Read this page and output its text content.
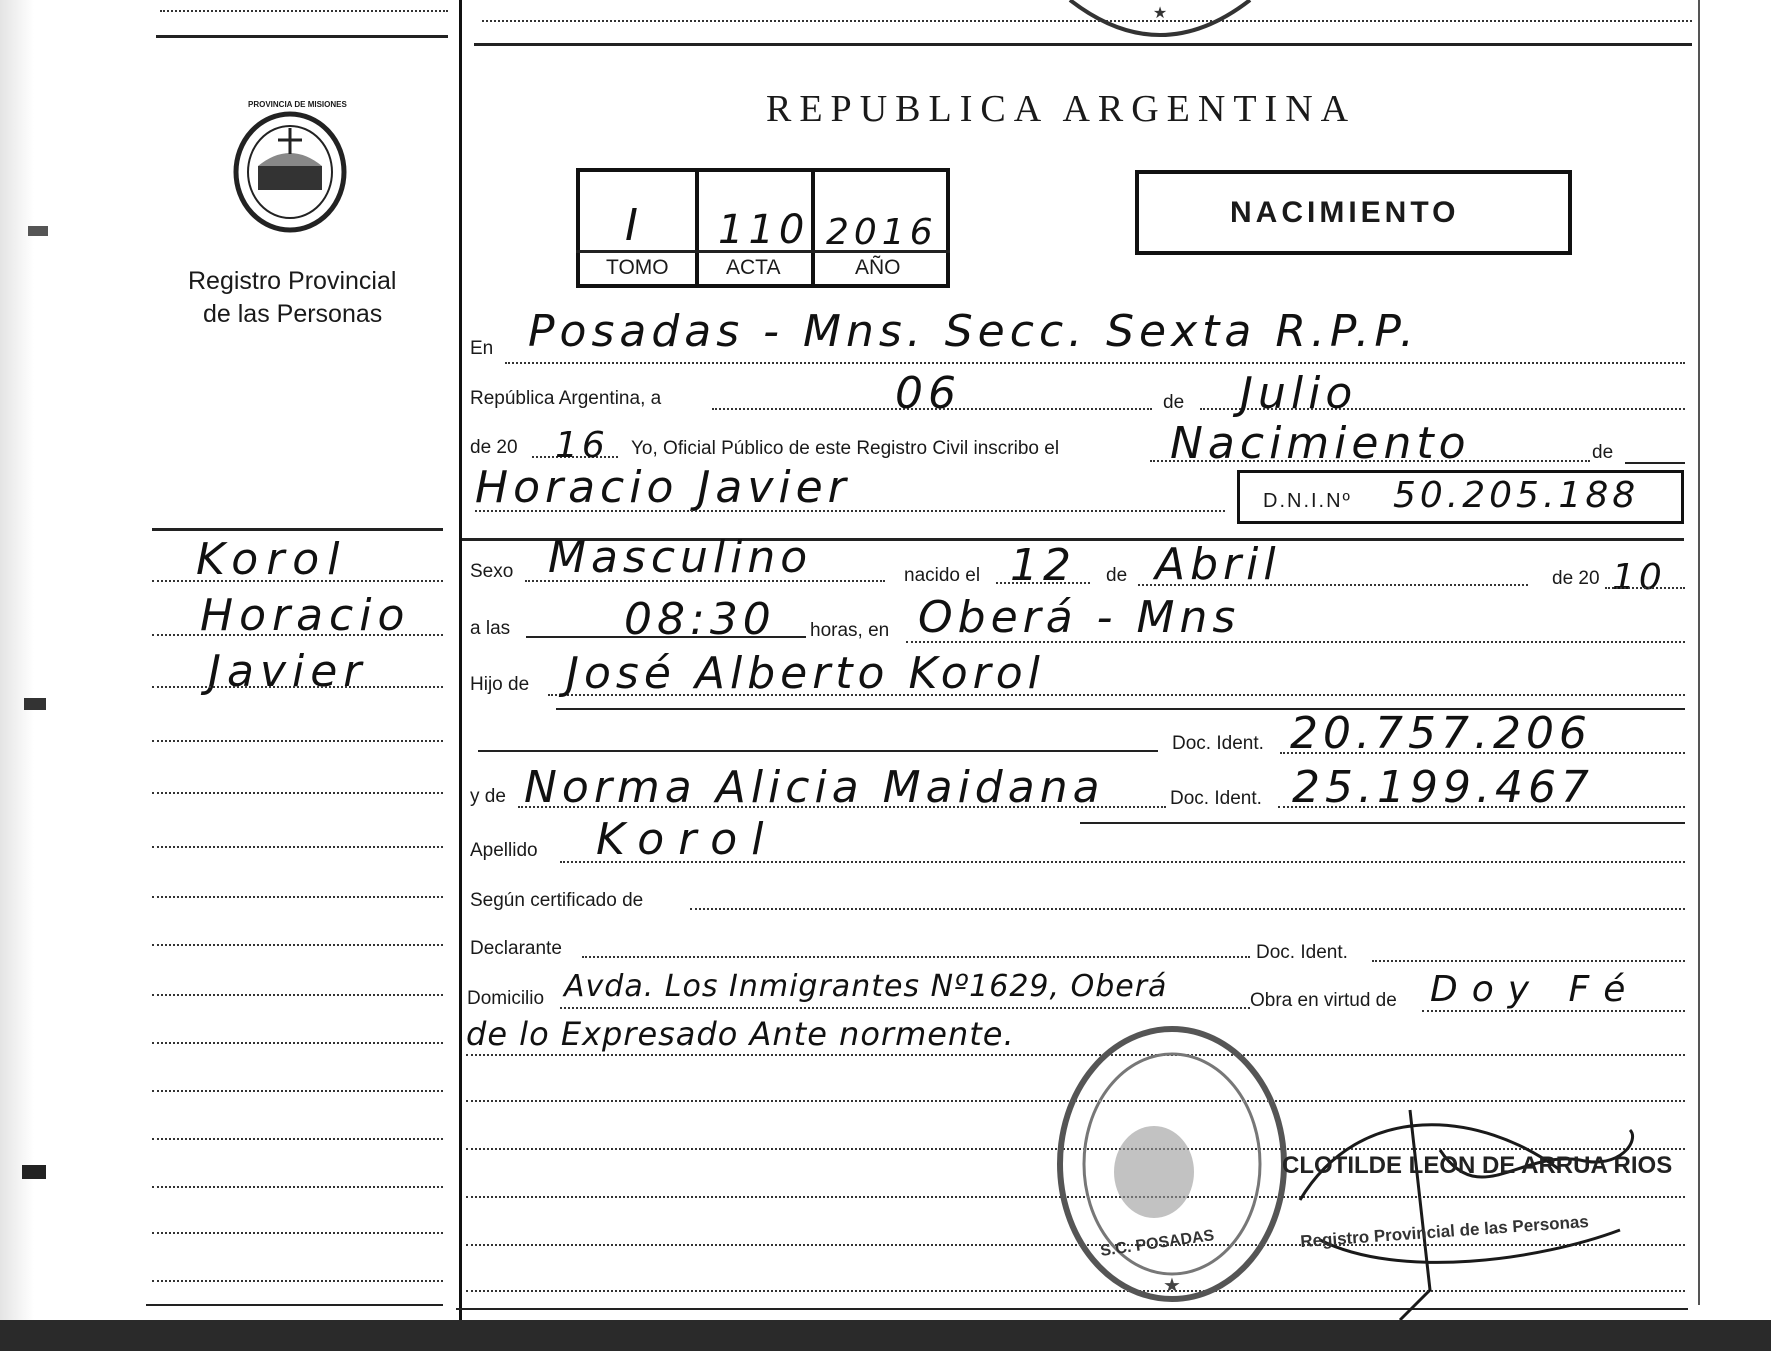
★
PROVINCIA DE MISIONES
Registro Provincial
de las Personas
REPUBLICA ARGENTINA
I 110 2016
TOMO	ACTA	AÑO
NACIMIENTO
En Posadas - Mns. Secc. Sexta R.P.P.
República Argentina, a	06	de Julio
de 20 16 Yo, Oficial Público de este Registro Civil inscribo el	Nacimiento	de
Horacio Javier	D.N.I.Nº 50.205.188
Sexo Masculino	nacido el 12 de Abril	de 20 10
a las	08:30 horas, en Oberá - Mns
Hijo de José Alberto Korol
Doc. Ident. 20.757.206
y de Norma Alicia Maidana	Doc. Ident. 25.199.467
Apellido Korol
Según certificado de
Declarante	Doc. Ident.
Domicilio Avda. Los Inmigrantes Nº1629, Oberá	Obra en virtud de Doy Fé
de lo Expresado Ante normente.
★
S.C. POSADAS
CLOTILDE LEON DE ARRUA RIOS
Registro Provincial de las Personas
Korol
Horacio
Javier
